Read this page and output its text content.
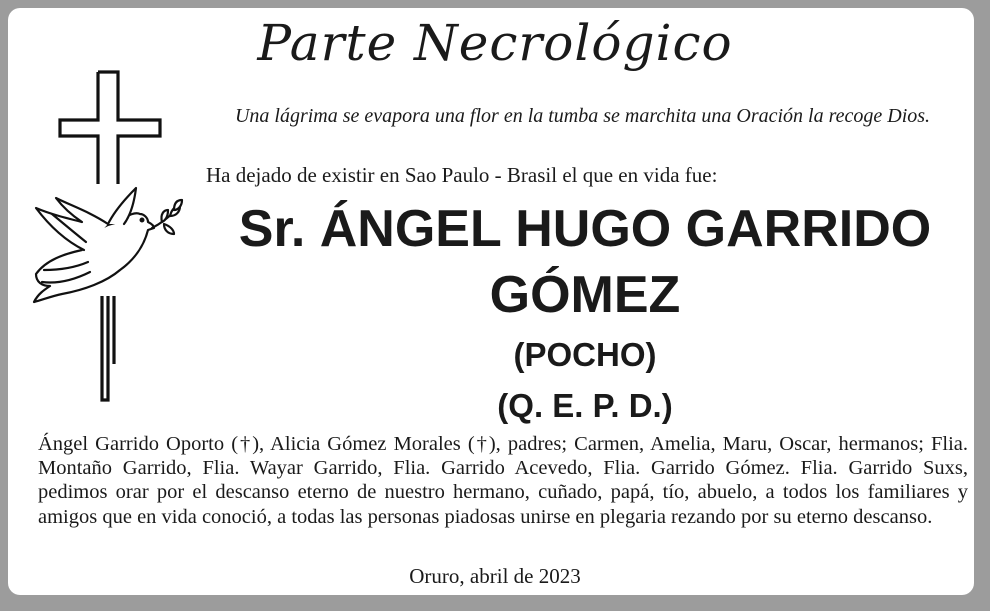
Parte Necrológico
Una lágrima se evapora una flor en la tumba se marchita una Oración la recoge Dios.
Ha dejado de existir en Sao Paulo - Brasil el que en vida fue:
Sr. ÁNGEL HUGO GARRIDO GÓMEZ
(POCHO)
(Q. E. P. D.)
Ángel Garrido Oporto (†), Alicia Gómez Morales (†), padres; Carmen, Amelia, Maru, Oscar, hermanos; Flia. Montaño Garrido, Flia. Wayar Garrido, Flia. Garrido Acevedo, Flia. Garrido Gómez. Flia. Garrido Suxs, pedimos orar por el descanso eterno de nuestro hermano, cuñado, papá, tío, abuelo, a todos los familiares y amigos que en vida conoció, a todas las personas piadosas unirse en plegaria rezando por su eterno descanso.
Oruro, abril de 2023
